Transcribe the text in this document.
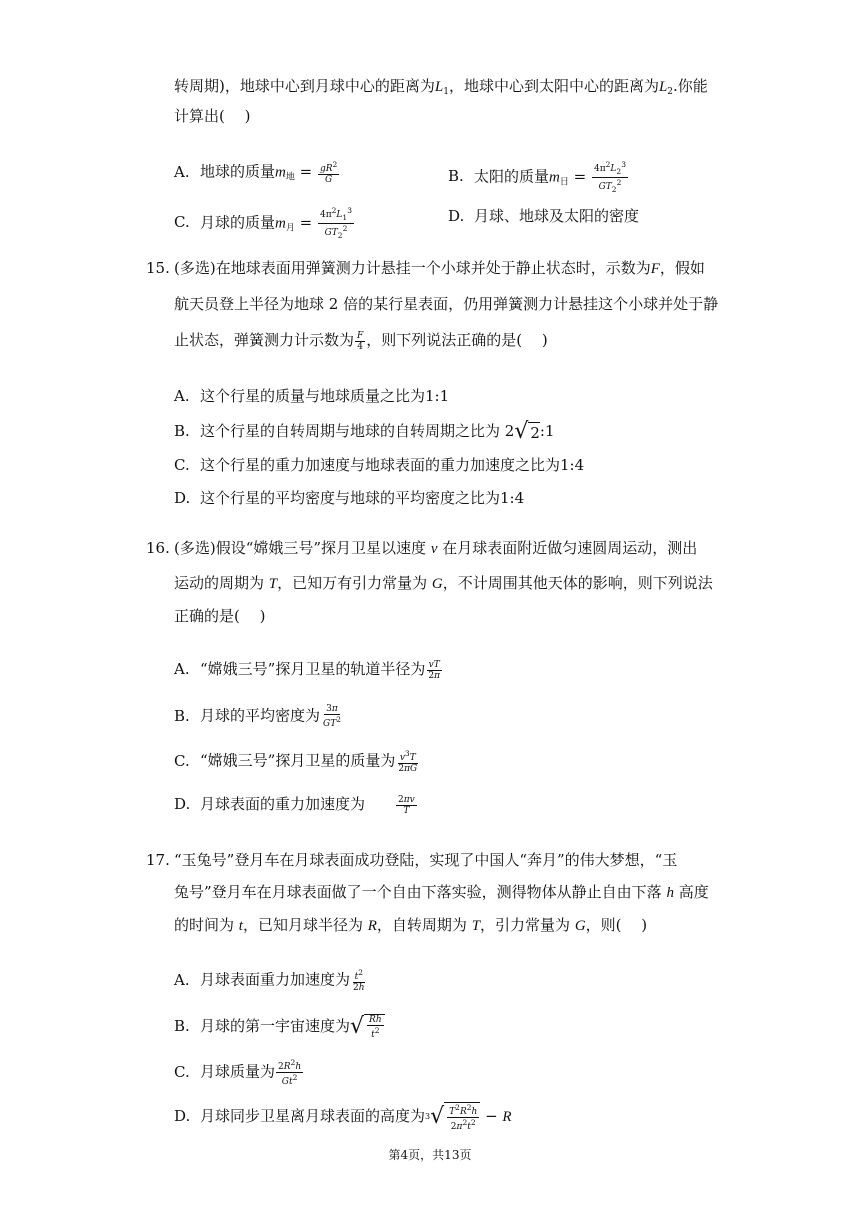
转周期)，地球中心到月球中心的距离为$L_1$，地球中心到太阳中心的距离为$L_2$.你能
计算出(　 )
A. 地球的质量$m_地 = \frac{gR^2}{G}$	B. 太阳的质量$m_日 = \frac{4\pi^2L_2^3}{GT_2^2}$
C. 月球的质量$m_月 = \frac{4\pi^2L_1^3}{GT_2^2}$	D. 月球、地球及太阳的密度
15. (多选)在地球表面用弹簧测力计悬挂一个小球并处于静止状态时，示数为F，假如
航天员登上半径为地球 2 倍的某行星表面，仍用弹簧测力计悬挂这个小球并处于静
止状态，弹簧测力计示数为 $\frac{F}{4}$ ，则下列说法正确的是(　 )
A. 这个行星的质量与地球质量之比为1:1
B. 这个行星的自转周期与地球的自转周期之比为 2 √ 2 :1
C. 这个行星的重力加速度与地球表面的重力加速度之比为1:4
D. 这个行星的平均密度与地球的平均密度之比为1:4
16. (多选)假设“嫦娥三号”探月卫星以速度 v 在月球表面附近做匀速圆周运动，测出
运动的周期为 T，已知万有引力常量为 G，不计周围其他天体的影响，则下列说法
正确的是(　 )
A. “嫦娥三号”探月卫星的轨道半径为 $\frac{vT}{2\pi}$
B. 月球的平均密度为 $\frac{3\pi}{GT^2}$
C. “嫦娥三号”探月卫星的质量为 $\frac{v^3T}{2\pi G}$
D. 月球表面的重力加速度为　　 $\frac{2\pi v}{T}$
17. “玉兔号”登月车在月球表面成功登陆，实现了中国人“奔月”的伟大梦想，“玉
兔号”登月车在月球表面做了一个自由下落实验，测得物体从静止自由下落 h 高度
的时间为 t，已知月球半径为 R，自转周期为 T，引力常量为 G，则(　 )
A. 月球表面重力加速度为 $\frac{t^2}{2h}$
B. 月球的第一宇宙速度为 √ $\frac{Rh}{t^2}$
C. 月球质量为 $\frac{2R^2h}{Gt^2}$
D. 月球同步卫星离月球表面的高度为 3 √ $\frac{T^2R^2h}{2\pi^2t^2} - R$
第4页，共13页
